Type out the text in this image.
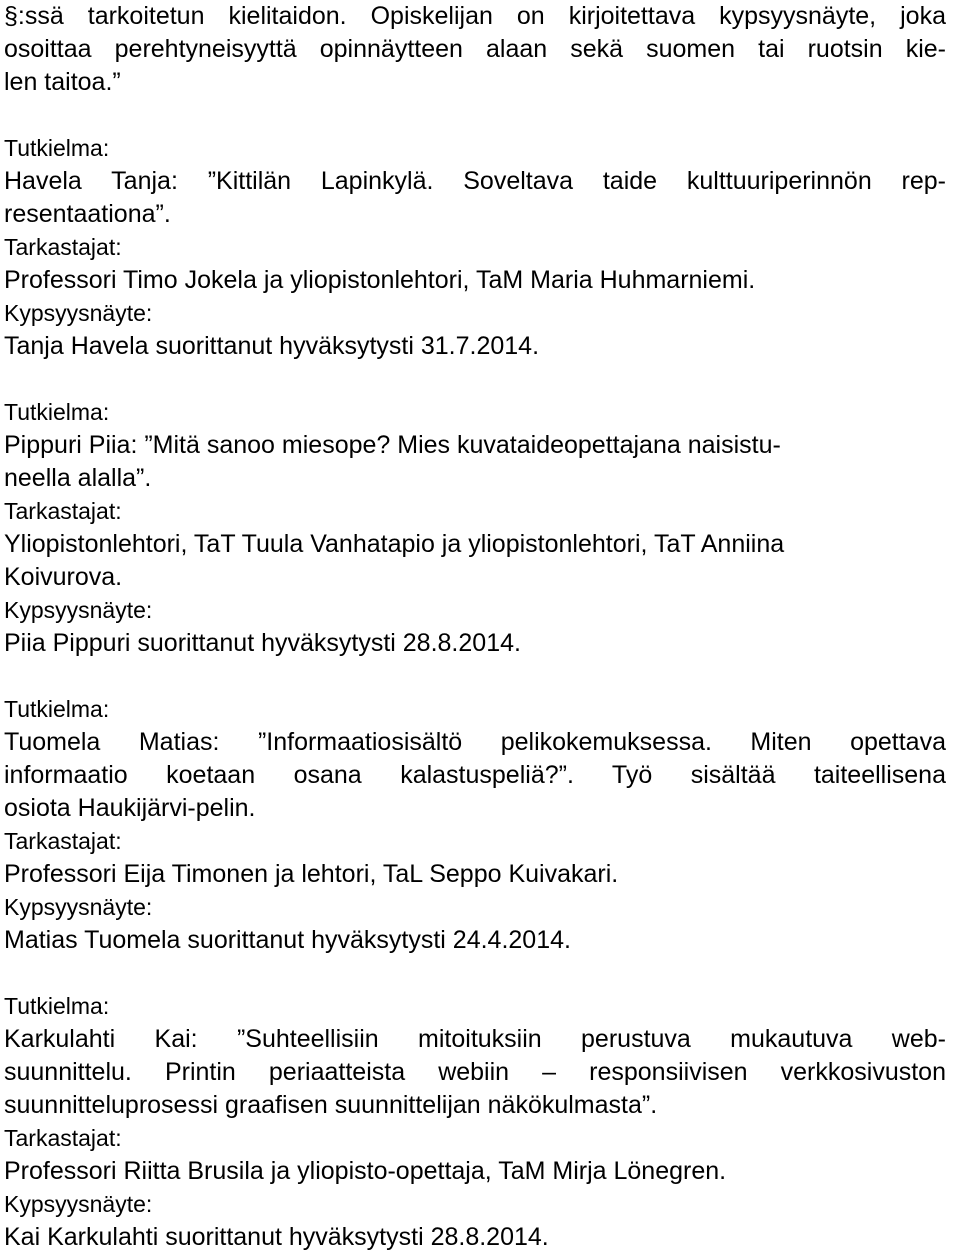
§:ssä tarkoitetun kielitaidon. Opiskelijan on kirjoitettava kypsyysnäyte, joka
osoittaa perehtyneisyyttä opinnäytteen alaan sekä suomen tai ruotsin kie-
len taitoa.”
Tutkielma:
Havela Tanja: ”Kittilän Lapinkylä. Soveltava taide kulttuuriperinnön rep-
resentaationa”.
Tarkastajat:
Professori Timo Jokela ja yliopistonlehtori, TaM Maria Huhmarniemi.
Kypsyysnäyte:
Tanja Havela suorittanut hyväksytysti 31.7.2014.
Tutkielma:
Pippuri Piia: ”Mitä sanoo miesope? Mies kuvataideopettajana naisistu-
neella alalla”.
Tarkastajat:
Yliopistonlehtori, TaT Tuula Vanhatapio ja yliopistonlehtori, TaT Anniina
Koivurova.
Kypsyysnäyte:
Piia Pippuri suorittanut hyväksytysti 28.8.2014.
Tutkielma:
Tuomela Matias: ”Informaatiosisältö pelikokemuksessa. Miten opettava
informaatio koetaan osana kalastuspeliä?”. Työ sisältää taiteellisena
osiota Haukijärvi-pelin.
Tarkastajat:
Professori Eija Timonen ja lehtori, TaL Seppo Kuivakari.
Kypsyysnäyte:
Matias Tuomela suorittanut hyväksytysti 24.4.2014.
Tutkielma:
Karkulahti Kai: ”Suhteellisiin mitoituksiin perustuva mukautuva web-
suunnittelu. Printin periaatteista webiin – responsiivisen verkkosivuston
suunnitteluprosessi graafisen suunnittelijan näkökulmasta”.
Tarkastajat:
Professori Riitta Brusila ja yliopisto-opettaja, TaM Mirja Lönegren.
Kypsyysnäyte:
Kai Karkulahti suorittanut hyväksytysti 28.8.2014.
